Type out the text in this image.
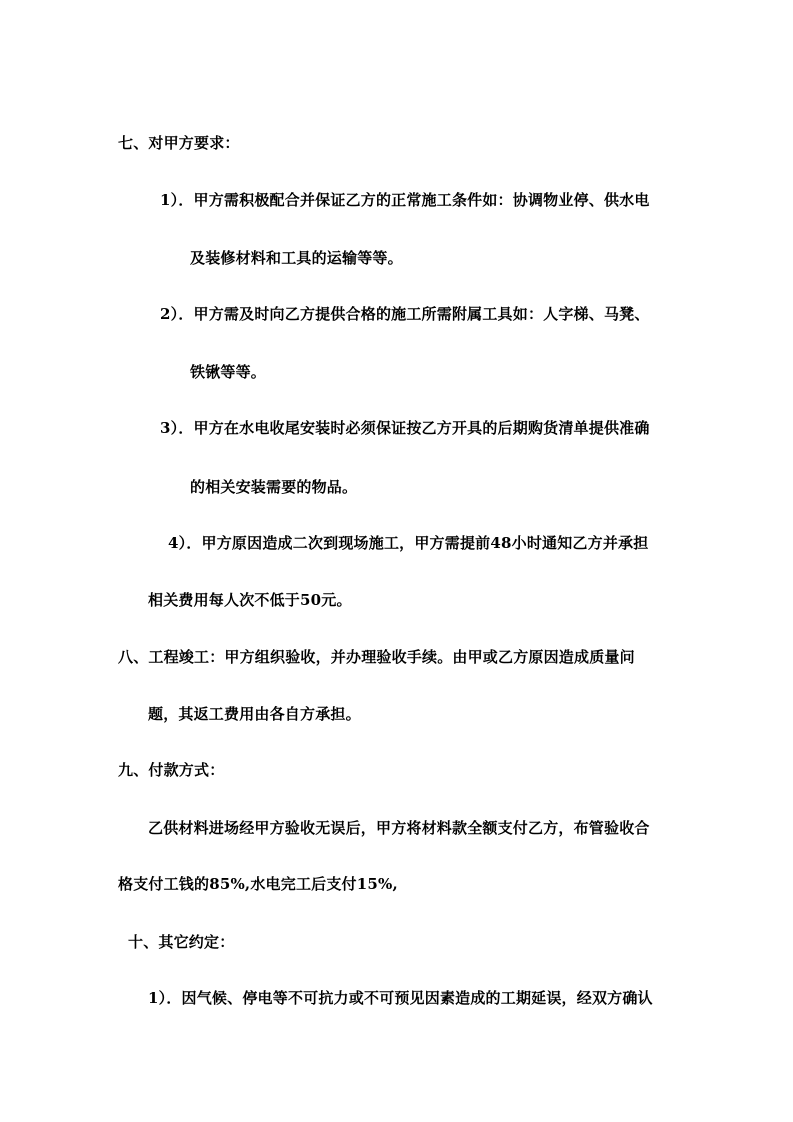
七、对甲方要求：
1）．甲方需积极配合并保证乙方的正常施工条件如：协调物业停、供水电
及装修材料和工具的运输等等。
2）．甲方需及时向乙方提供合格的施工所需附属工具如：人字梯、马凳、
铁锹等等。
3）．甲方在水电收尾安装时必须保证按乙方开具的后期购货清单提供准确
的相关安装需要的物品。
4）．甲方原因造成二次到现场施工，甲方需提前48小时通知乙方并承担
相关费用每人次不低于50元。
八、工程竣工：甲方组织验收，并办理验收手续。由甲或乙方原因造成质量问
题，其返工费用由各自方承担。
九、付款方式：
乙供材料进场经甲方验收无误后，甲方将材料款全额支付乙方，布管验收合
格支付工钱的85%,水电完工后支付15%,
十、其它约定：
1）．因气候、停电等不可抗力或不可预见因素造成的工期延误，经双方确认
